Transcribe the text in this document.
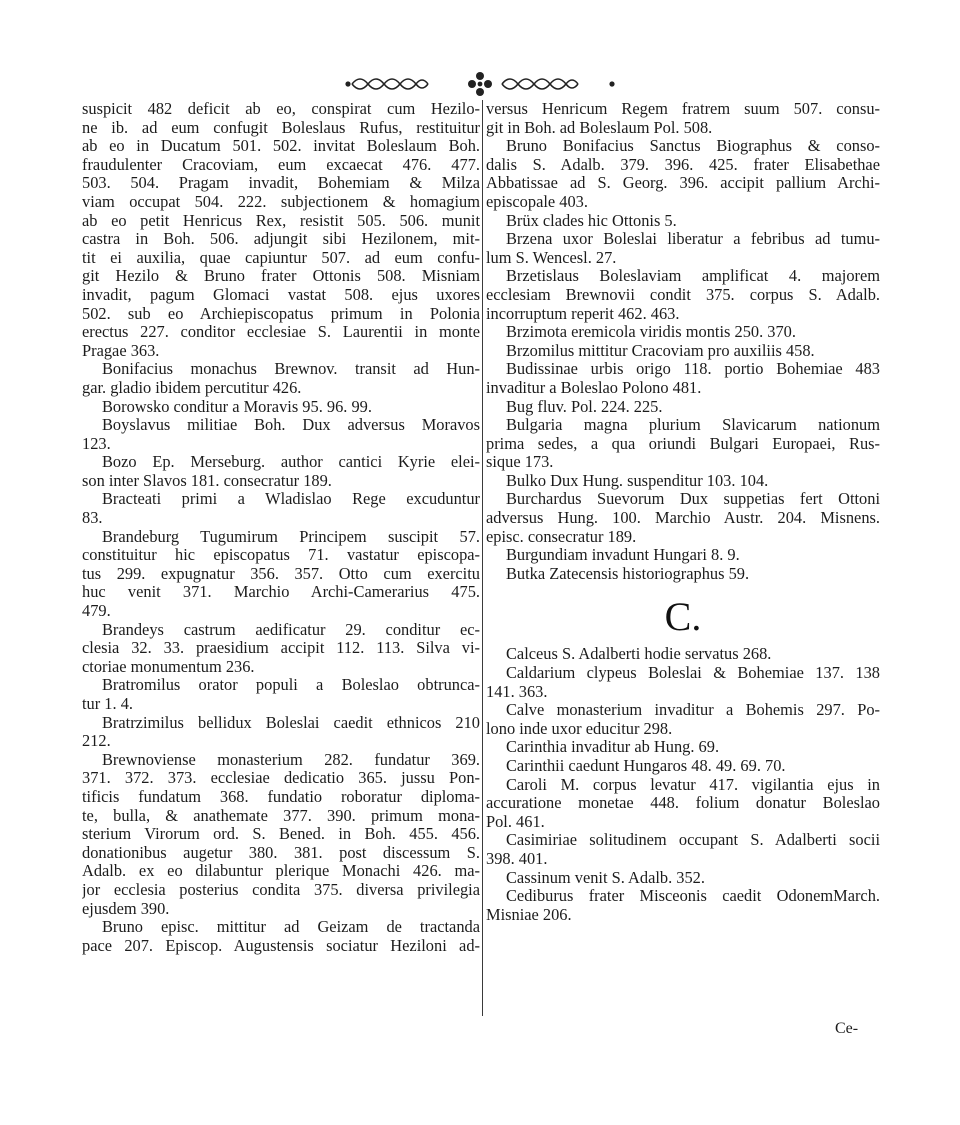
suspicit 482 deficit ab eo, conspirat cum Hezilo-
ne ib. ad eum confugit Boleslaus Rufus, restituitur
ab eo in Ducatum 501. 502. invitat Boleslaum Boh.
fraudulenter Cracoviam, eum excaecat 476. 477.
503. 504. Pragam invadit, Bohemiam & Milza
viam occupat 504. 222. subjectionem & homagium
ab eo petit Henricus Rex, resistit 505. 506. munit
castra in Boh. 506. adjungit sibi Hezilonem, mit-
tit ei auxilia, quae capiuntur 507. ad eum confu-
git Hezilo & Bruno frater Ottonis 508. Misniam
invadit, pagum Glomaci vastat 508. ejus uxores
502. sub eo Archiepiscopatus primum in Polonia
erectus 227. conditor ecclesiae S. Laurentii in monte
Pragae 363.
Bonifacius monachus Brewnov. transit ad Hun-
gar. gladio ibidem percutitur 426.
Borowsko conditur a Moravis 95. 96. 99.
Boyslavus militiae Boh. Dux adversus Moravos
123.
Bozo Ep. Merseburg. author cantici Kyrie elei-
son inter Slavos 181. consecratur 189.
Bracteati primi a Wladislao Rege excuduntur
83.
Brandeburg Tugumirum Principem suscipit 57.
constituitur hic episcopatus 71. vastatur episcopa-
tus 299. expugnatur 356. 357. Otto cum exercitu
huc venit 371. Marchio Archi-Camerarius 475.
479.
Brandeys castrum aedificatur 29. conditur ec-
clesia 32. 33. praesidium accipit 112. 113. Silva vi-
ctoriae monumentum 236.
Bratromilus orator populi a Boleslao obtrunca-
tur 1. 4.
Bratrzimilus bellidux Boleslai caedit ethnicos 210
212.
Brewnoviense monasterium 282. fundatur 369.
371. 372. 373. ecclesiae dedicatio 365. jussu Pon-
tificis fundatum 368. fundatio roboratur diploma-
te, bulla, & anathemate 377. 390. primum mona-
sterium Virorum ord. S. Bened. in Boh. 455. 456.
donationibus augetur 380. 381. post discessum S.
Adalb. ex eo dilabuntur plerique Monachi 426. ma-
jor ecclesia posterius condita 375. diversa privilegia
ejusdem 390.
Bruno episc. mittitur ad Geizam de tractanda
pace 207. Episcop. Augustensis sociatur Heziloni ad-
versus Henricum Regem fratrem suum 507. consu-
git in Boh. ad Boleslaum Pol. 508.
Bruno Bonifacius Sanctus Biographus & conso-
dalis S. Adalb. 379. 396. 425. frater Elisabethae
Abbatissae ad S. Georg. 396. accipit pallium Archi-
episcopale 403.
Brüx clades hic Ottonis 5.
Brzena uxor Boleslai liberatur a febribus ad tumu-
lum S. Wencesl. 27.
Brzetislaus Boleslaviam amplificat 4. majorem
ecclesiam Brewnovii condit 375. corpus S. Adalb.
incorruptum reperit 462. 463.
Brzimota eremicola viridis montis 250. 370.
Brzomilus mittitur Cracoviam pro auxiliis 458.
Budissinae urbis origo 118. portio Bohemiae 483
invaditur a Boleslao Polono 481.
Bug fluv. Pol. 224. 225.
Bulgaria magna plurium Slavicarum nationum
prima sedes, a qua oriundi Bulgari Europaei, Rus-
sique 173.
Bulko Dux Hung. suspenditur 103. 104.
Burchardus Suevorum Dux suppetias fert Ottoni
adversus Hung. 100. Marchio Austr. 204. Misnens.
episc. consecratur 189.
Burgundiam invadunt Hungari 8. 9.
Butka Zatecensis historiographus 59.
C.
Calceus S. Adalberti hodie servatus 268.
Caldarium clypeus Boleslai & Bohemiae 137. 138
141. 363.
Calve monasterium invaditur a Bohemis 297. Po-
lono inde uxor educitur 298.
Carinthia invaditur ab Hung. 69.
Carinthii caedunt Hungaros 48. 49. 69. 70.
Caroli M. corpus levatur 417. vigilantia ejus in
accuratione monetae 448. folium donatur Boleslao
Pol. 461.
Casimiriae solitudinem occupant S. Adalberti socii
398. 401.
Cassinum venit S. Adalb. 352.
Cediburus frater Misceonis caedit OdonemMarch.
Misniae 206.
Ce-
